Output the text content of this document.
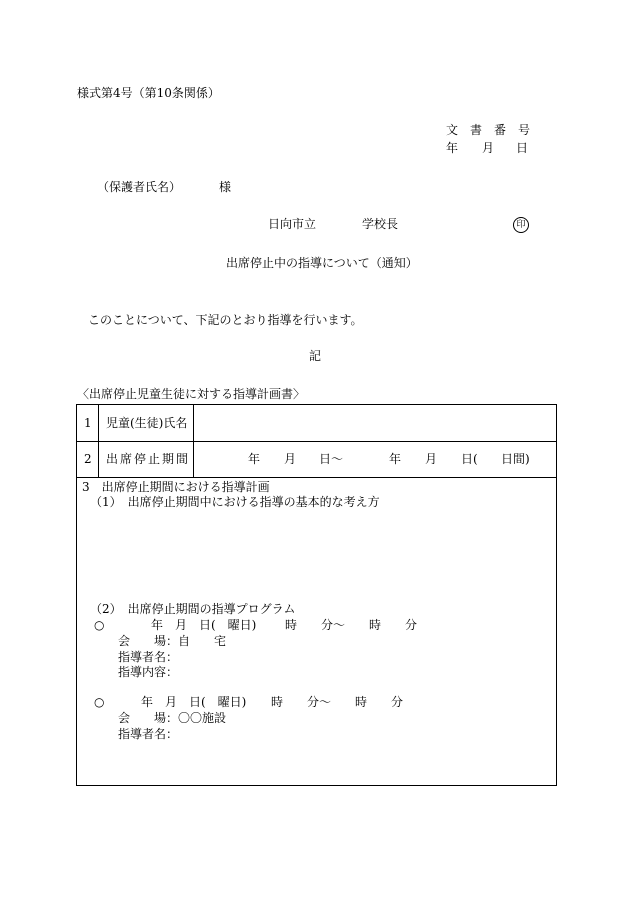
様式第4号（第10条関係）
文　書　番　号
年 月 日
（保護者氏名）	様
日向市立	学校長	印
出席停止中の指導について（通知）
このことについて、下記のとおり指導を行います。
記
〈出席停止児童生徒に対する指導計画書〉
1 児童(生徒)氏名
2 出席停止期間	年 月 日～	年 月 日( 日間)
3　出席停止期間における指導計画
（1）　出席停止期間中における指導の基本的な考え方
（2）　出席停止期間の指導プログラム
○	年　月　日(　曜日) 時　　分～　　時　　分
会　　場：自　　宅
指導者名：
指導内容：
○	年　月　日(　曜日) 時　　分～　　時　　分
会　　場：〇〇施設
指導者名：
